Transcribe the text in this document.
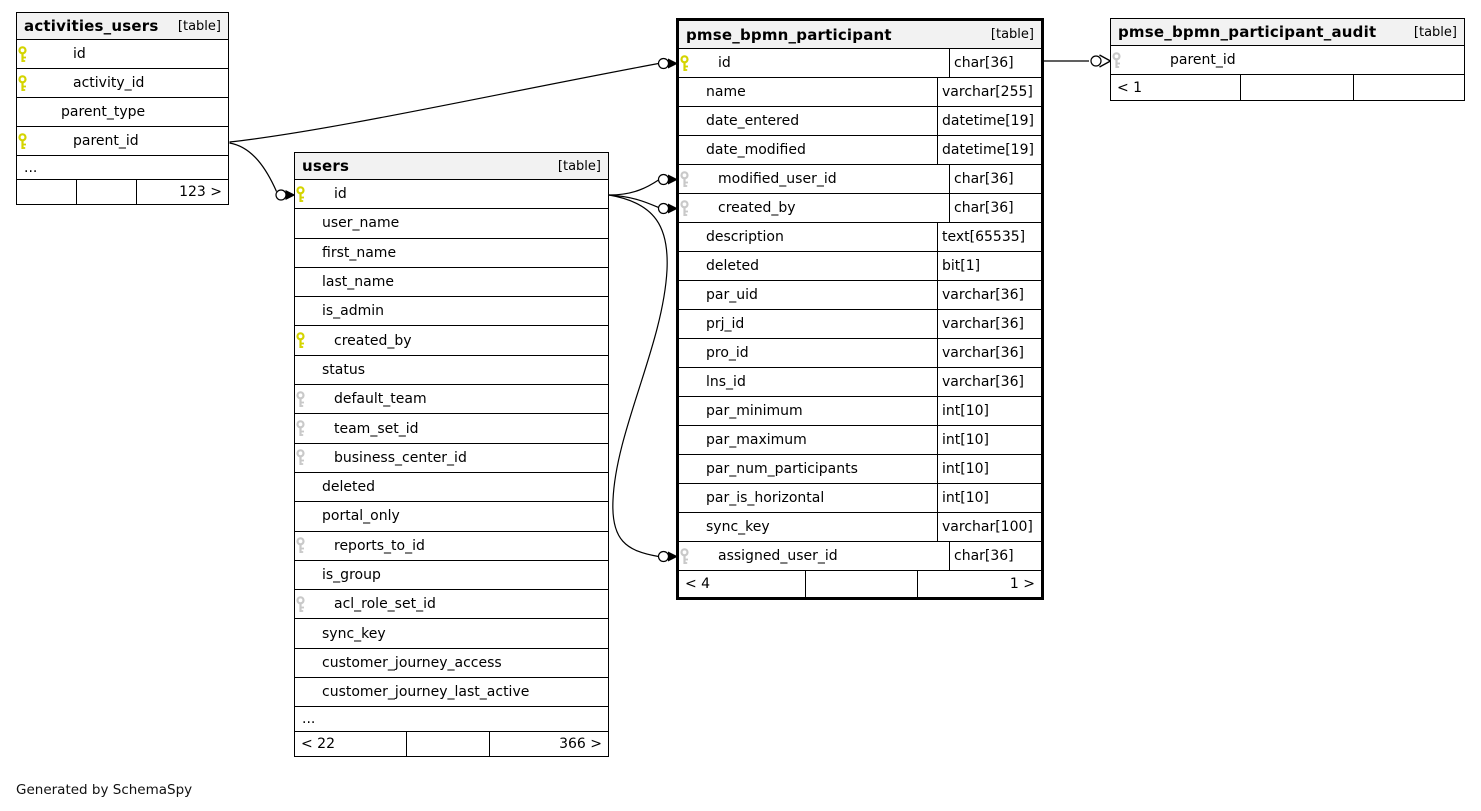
activities_users [table]
id
activity_id
parent_type
parent_id
...
123 >
users	[table]
id
user_name
first_name
last_name
is_admin
created_by
status
default_team
team_set_id
business_center_id
deleted
portal_only
reports_to_id
is_group
acl_role_set_id
sync_key
customer_journey_access
customer_journey_last_active
...
< 22	366 >
pmse_bpmn_participant	[table]
id	char[36]
name	varchar[255]
date_entered	datetime[19]
date_modified	datetime[19]
modified_user_id	char[36]
created_by	char[36]
description	text[65535]
deleted	bit[1]
par_uid	varchar[36]
prj_id	varchar[36]
pro_id	varchar[36]
lns_id	varchar[36]
par_minimum	int[10]
par_maximum	int[10]
par_num_participants	int[10]
par_is_horizontal	int[10]
sync_key	varchar[100]
assigned_user_id	char[36]
< 4	1 >
pmse_bpmn_participant_audit	[table]
parent_id
< 1
Generated by SchemaSpy
